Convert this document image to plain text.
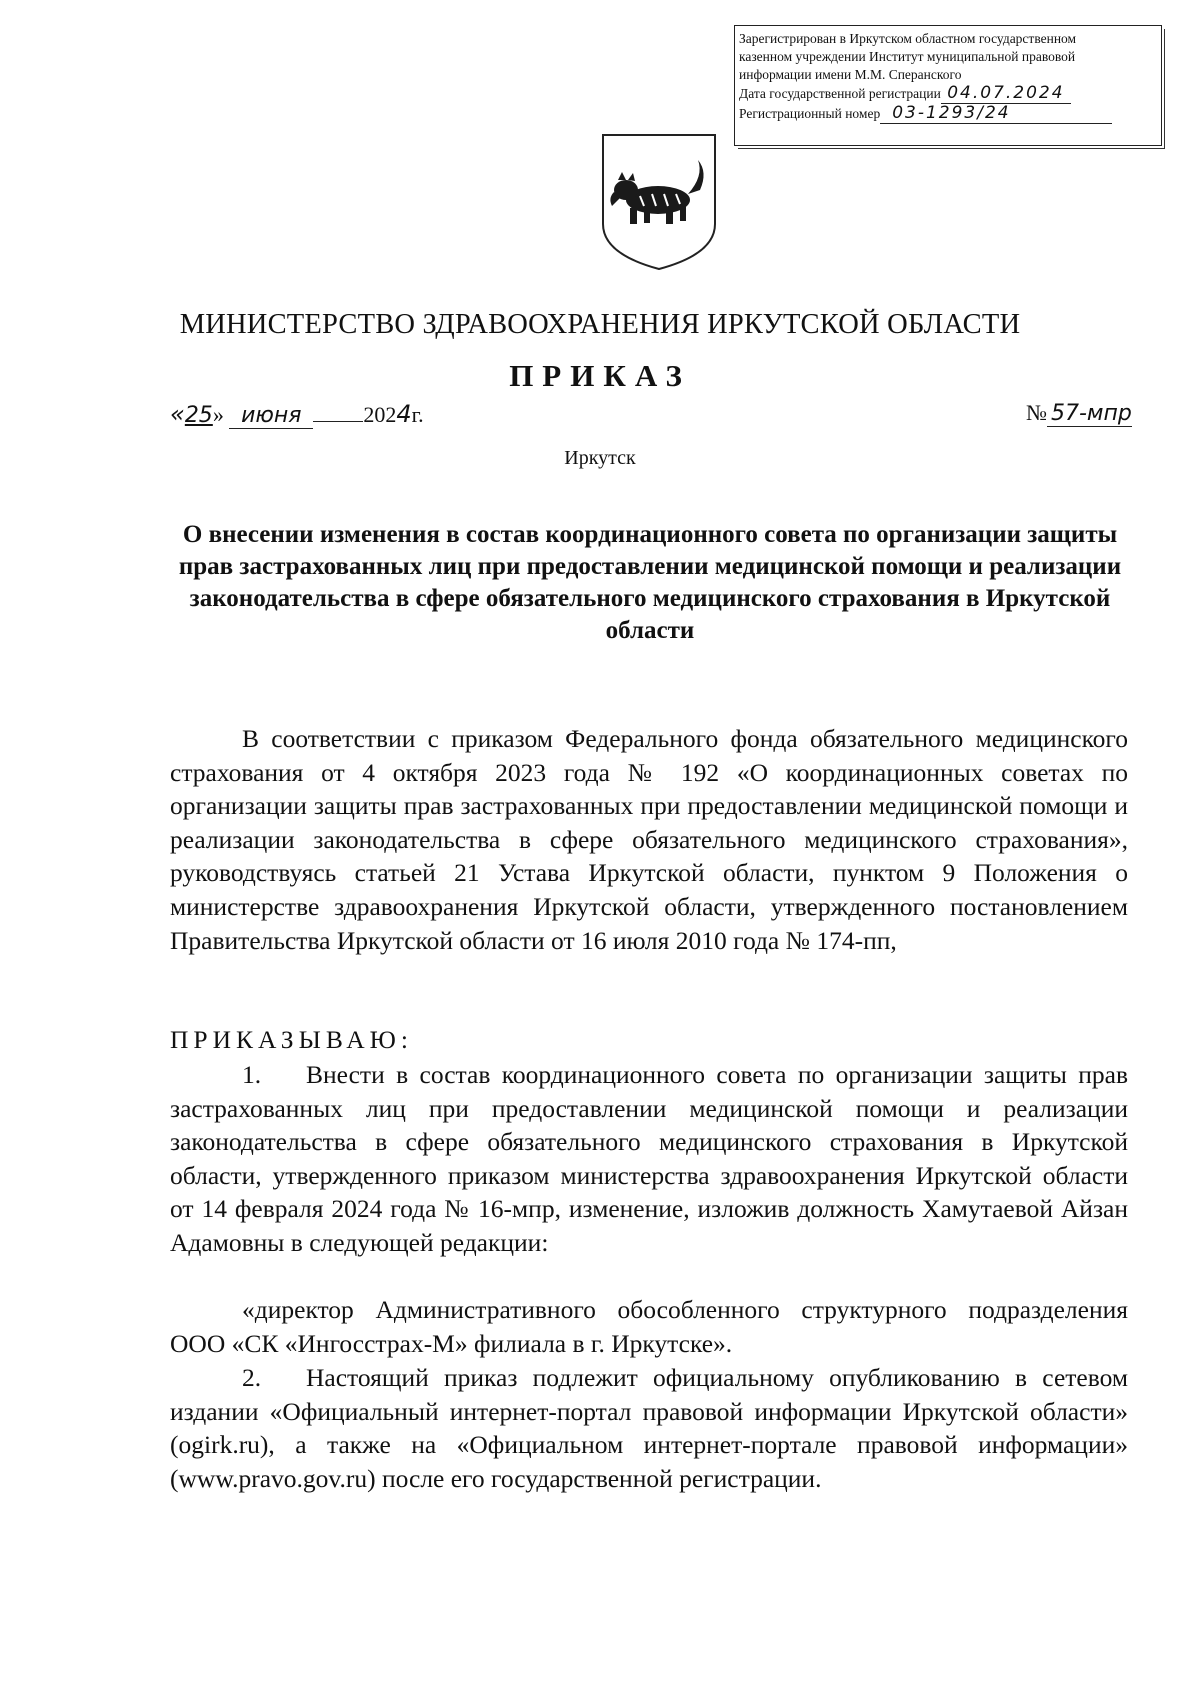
Зарегистрирован в Иркутском областном государственном
казенном учреждении Институт муниципальной правовой
информации имени М.М. Сперанского
Дата государственной регистрации 04.07.2024
Регистрационный номер 03-1293/24
МИНИСТЕРСТВО ЗДРАВООХРАНЕНИЯ ИРКУТСКОЙ ОБЛАСТИ
ПРИКАЗ
«25» июня	2024г.	№ 57-мпр
Иркутск
О внесении изменения в состав координационного совета по организации защиты прав застрахованных лиц при предоставлении медицинской помощи и реализации законодательства в сфере обязательного медицинского страхования в Иркутской области

В соответствии с приказом Федерального фонда обязательного медицинского страхования от 4 октября 2023 года № 192 «О координационных советах по организации защиты прав застрахованных при предоставлении медицинской помощи и реализации законодательства в сфере обязательного медицинского страхования», руководствуясь статьей 21 Устава Иркутской области, пунктом 9 Положения о министерстве здравоохранения Иркутской области, утвержденного постановлением Правительства Иркутской области от 16 июля 2010 года № 174-пп,

ПРИКАЗЫВАЮ:

1. Внести в состав координационного совета по организации защиты прав застрахованных лиц при предоставлении медицинской помощи и реализации законодательства в сфере обязательного медицинского страхования в Иркутской области, утвержденного приказом министерства здравоохранения Иркутской области от 14 февраля 2024 года № 16-мпр, изменение, изложив должность Хамутаевой Айзан Адамовны в следующей редакции:

«директор Административного обособленного структурного подразделения ООО «СК «Ингосстрах-М» филиала в г. Иркутске».

2. Настоящий приказ подлежит официальному опубликованию в сетевом издании «Официальный интернет-портал правовой информации Иркутской области» (ogirk.ru), а также на «Официальном интернет-портале правовой информации» (www.pravo.gov.ru) после его государственной регистрации.
